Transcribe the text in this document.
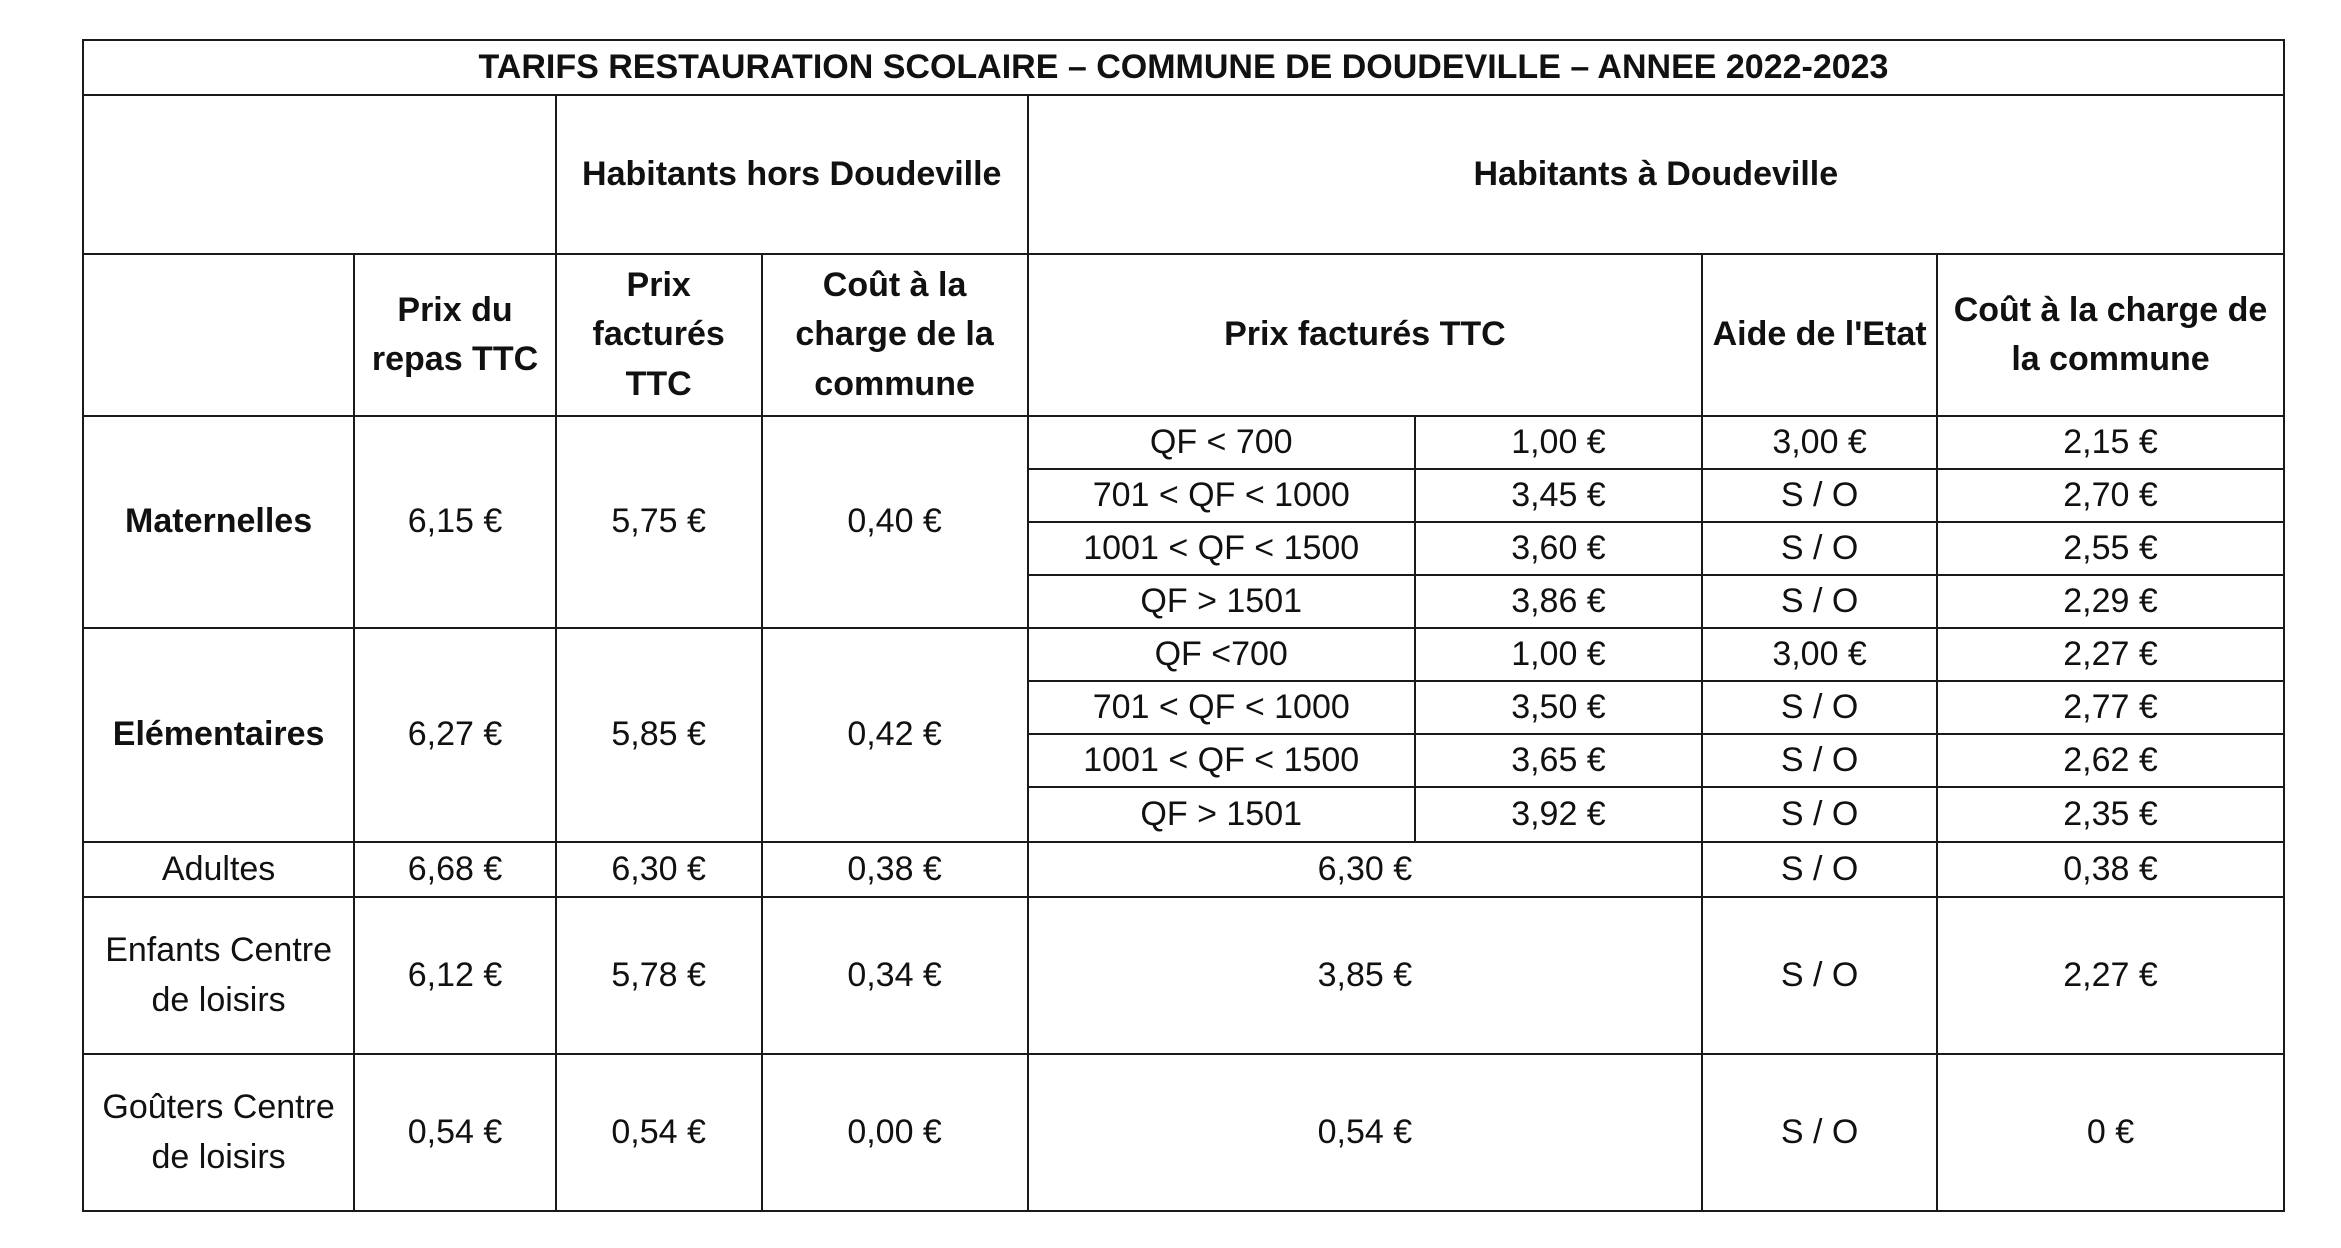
TARIFS RESTAURATION SCOLAIRE – COMMUNE DE DOUDEVILLE – ANNEE 2022-2023							
		Habitants hors Doudeville		Habitants à Doudeville			
	Prix du repas TTC	Prix facturés TTC	Coût à la charge de la commune	Prix facturés TTC		Aide de l'Etat	Coût à la charge de la commune
Maternelles	6,15 €	5,75 €	0,40 €	QF < 700	1,00 €	3,00 €	2,15 €
				701 < QF < 1000	3,45 €	S / O	2,70 €
				1001 < QF < 1500	3,60 €	S / O	2,55 €
				QF > 1501	3,86 €	S / O	2,29 €
Elémentaires	6,27 €	5,85 €	0,42 €	QF <700	1,00 €	3,00 €	2,27 €
				701 < QF < 1000	3,50 €	S / O	2,77 €
				1001 < QF < 1500	3,65 €	S / O	2,62 €
				QF > 1501	3,92 €	S / O	2,35 €
Adultes	6,68 €	6,30 €	0,38 €	6,30 €		S / O	0,38 €
Enfants Centre de loisirs	6,12 €	5,78 €	0,34 €	3,85 €		S / O	2,27 €
Goûters Centre de loisirs	0,54 €	0,54 €	0,00 €	0,54 €		S / O	0 €
